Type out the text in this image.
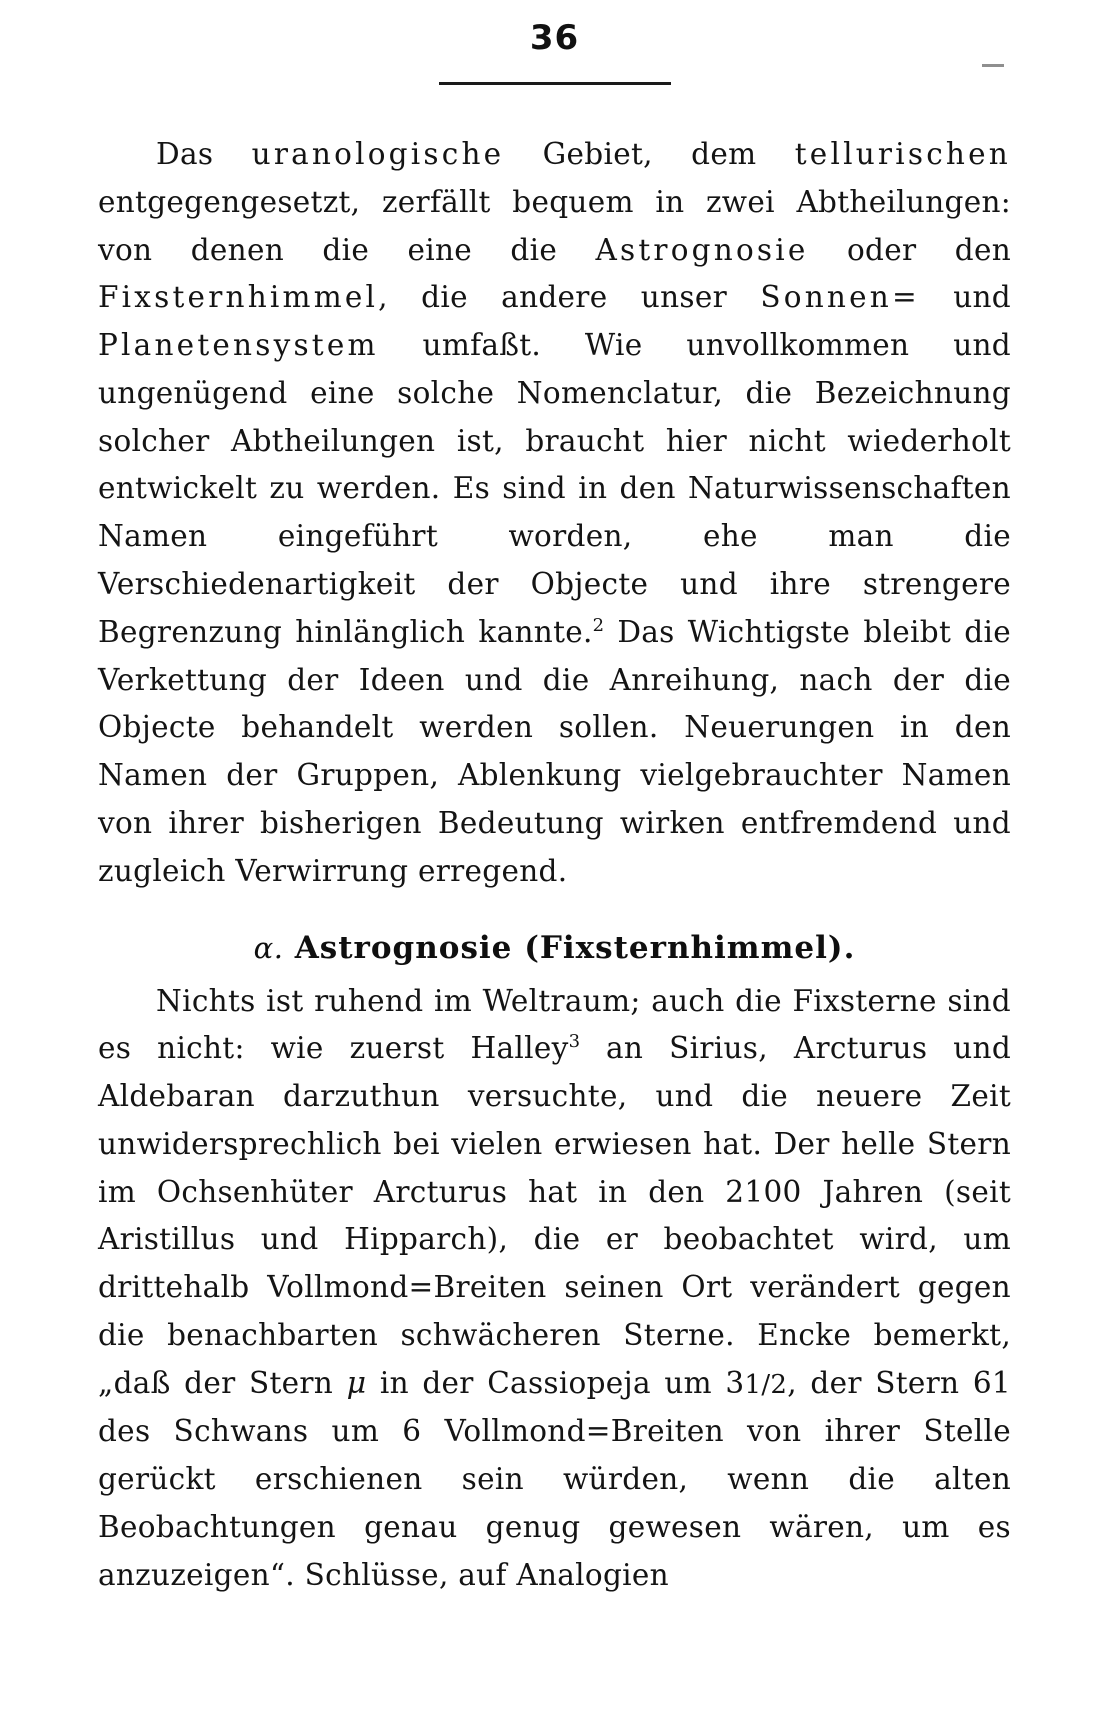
36

Das uranologische Gebiet, dem tellurischen entgegengesetzt, zerfällt bequem in zwei Abtheilungen: von denen die eine die Astrognosie oder den Fixsternhimmel, die andere unser Sonnen= und Planetensystem umfaßt. Wie unvollkommen und ungenügend eine solche Nomenclatur, die Bezeichnung solcher Abtheilungen ist, braucht hier nicht wiederholt entwickelt zu werden. Es sind in den Naturwissenschaften Namen eingeführt worden, ehe man die Verschiedenartigkeit der Objecte und ihre strengere Begrenzung hinlänglich kannte.$^2$ Das Wichtigste bleibt die Verkettung der Ideen und die Anreihung, nach der die Objecte behandelt werden sollen. Neuerungen in den Namen der Gruppen, Ablenkung vielgebrauchter Namen von ihrer bisherigen Bedeutung wirken entfremdend und zugleich Verwirrung erregend.

α. Astrognosie (Fixsternhimmel).

Nichts ist ruhend im Weltraum; auch die Fixsterne sind es nicht: wie zuerst Halley$^3$ an Sirius, Arcturus und Aldebaran darzuthun versuchte, und die neuere Zeit unwidersprechlich bei vielen erwiesen hat. Der helle Stern im Ochsenhüter Arcturus hat in den 2100 Jahren (seit Aristillus und Hipparch), die er beobachtet wird, um drittehalb Vollmond=Breiten seinen Ort verändert gegen die benachbarten schwächeren Sterne. Encke bemerkt, „daß der Stern μ in der Cassiopeja um 31/2, der Stern 61 des Schwans um 6 Vollmond=Breiten von ihrer Stelle gerückt erschienen sein würden, wenn die alten Beobachtungen genau genug gewesen wären, um es anzuzeigen“. Schlüsse, auf Analogien
